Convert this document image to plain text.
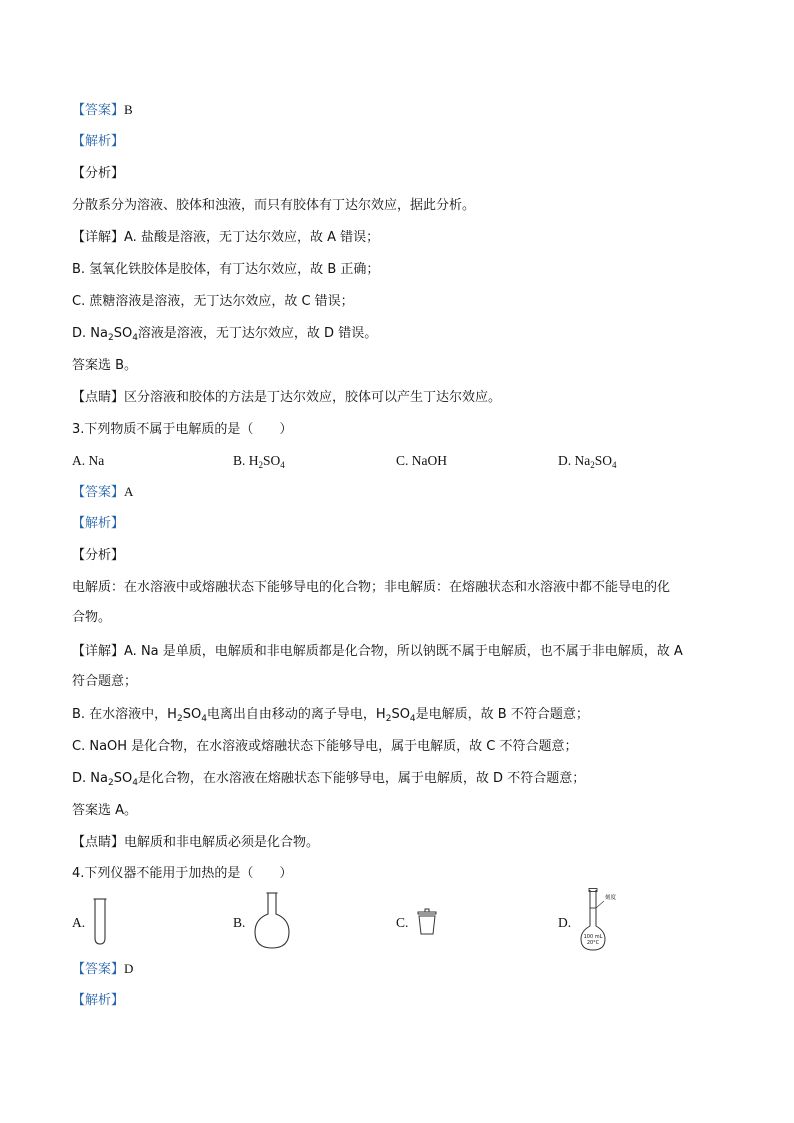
【答案】B
【解析】
【分析】
分散系分为溶液、胶体和浊液，而只有胶体有丁达尔效应，据此分析。
【详解】A. 盐酸是溶液，无丁达尔效应，故 A 错误；
B. 氢氧化铁胶体是胶体，有丁达尔效应，故 B 正确；
C. 蔗糖溶液是溶液，无丁达尔效应，故 C 错误；
D. $Na_2SO_4$溶液是溶液，无丁达尔效应，故 D 错误。
答案选 B。
【点睛】区分溶液和胶体的方法是丁达尔效应，胶体可以产生丁达尔效应。
3.下列物质不属于电解质的是（　　）
A. Na	B. $H_2SO_4$	C. NaOH	D. $Na_2SO_4$
【答案】A
【解析】
【分析】
电解质：在水溶液中或熔融状态下能够导电的化合物；非电解质：在熔融状态和水溶液中都不能导电的化
合物。
【详解】A. Na 是单质，电解质和非电解质都是化合物，所以钠既不属于电解质，也不属于非电解质，故 A
符合题意；
B. 在水溶液中，$H_2SO_4$电离出自由移动的离子导电，$H_2SO_4$是电解质，故 B 不符合题意；
C. NaOH 是化合物，在水溶液或熔融状态下能够导电，属于电解质，故 C 不符合题意；
D. $Na_2SO_4$是化合物，在水溶液在熔融状态下能够导电，属于电解质，故 D 不符合题意；
答案选 A。
【点睛】电解质和非电解质必须是化合物。
4.下列仪器不能用于加热的是（　　）
A.	B.	C.	D.
刻度
100 mL
20°C
【答案】D
【解析】
